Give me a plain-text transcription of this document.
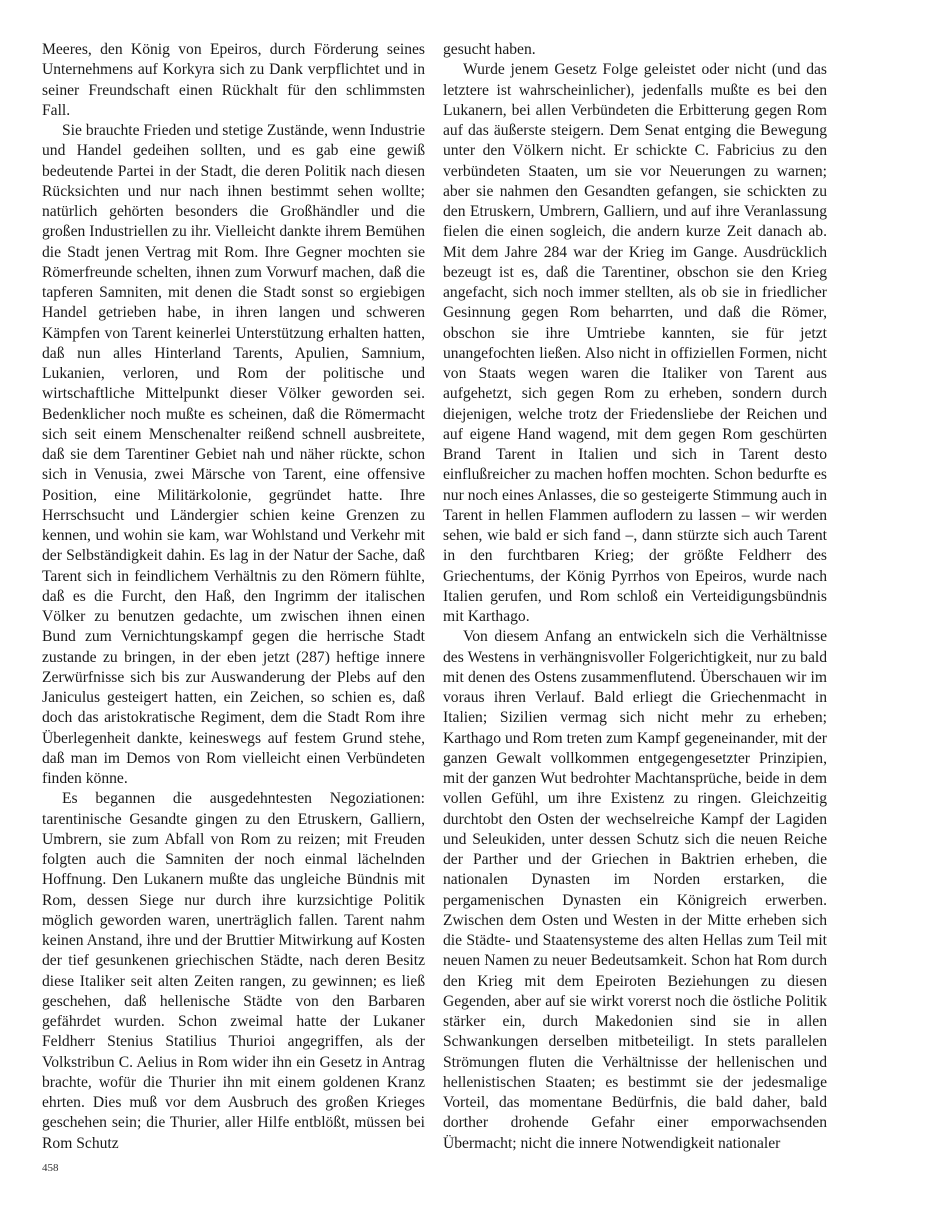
Meeres, den König von Epeiros, durch Förderung seines Unternehmens auf Korkyra sich zu Dank verpflichtet und in seiner Freundschaft einen Rückhalt für den schlimmsten Fall.

Sie brauchte Frieden und stetige Zustände, wenn Industrie und Handel gedeihen sollten, und es gab eine gewiß bedeutende Partei in der Stadt, die deren Politik nach diesen Rücksichten und nur nach ihnen bestimmt sehen wollte; natürlich gehörten besonders die Großhändler und die großen Industriellen zu ihr. Vielleicht dankte ihrem Bemühen die Stadt jenen Vertrag mit Rom. Ihre Gegner mochten sie Römerfreunde schelten, ihnen zum Vorwurf machen, daß die tapferen Samniten, mit denen die Stadt sonst so ergiebigen Handel getrieben habe, in ihren langen und schweren Kämpfen von Tarent keinerlei Unterstützung erhalten hatten, daß nun alles Hinterland Tarents, Apulien, Samnium, Lukanien, verloren, und Rom der politische und wirtschaftliche Mittelpunkt dieser Völker geworden sei. Bedenklicher noch mußte es scheinen, daß die Römermacht sich seit einem Menschenalter reißend schnell ausbreitete, daß sie dem Tarentiner Gebiet nah und näher rückte, schon sich in Venusia, zwei Märsche von Tarent, eine offensive Position, eine Militärkolonie, gegründet hatte. Ihre Herrschsucht und Ländergier schien keine Grenzen zu kennen, und wohin sie kam, war Wohlstand und Verkehr mit der Selbständigkeit dahin. Es lag in der Natur der Sache, daß Tarent sich in feindlichem Verhältnis zu den Römern fühlte, daß es die Furcht, den Haß, den Ingrimm der italischen Völker zu benutzen gedachte, um zwischen ihnen einen Bund zum Vernichtungskampf gegen die herrische Stadt zustande zu bringen, in der eben jetzt (287) heftige innere Zerwürfnisse sich bis zur Auswanderung der Plebs auf den Janiculus gesteigert hatten, ein Zeichen, so schien es, daß doch das aristokratische Regiment, dem die Stadt Rom ihre Überlegenheit dankte, keineswegs auf festem Grund stehe, daß man im Demos von Rom vielleicht einen Verbündeten finden könne.

Es begannen die ausgedehntesten Negoziationen: tarentinische Gesandte gingen zu den Etruskern, Galliern, Umbrern, sie zum Abfall von Rom zu reizen; mit Freuden folgten auch die Samniten der noch einmal lächelnden Hoffnung. Den Lukanern mußte das ungleiche Bündnis mit Rom, dessen Siege nur durch ihre kurzsichtige Politik möglich geworden waren, unerträglich fallen. Tarent nahm keinen Anstand, ihre und der Bruttier Mitwirkung auf Kosten der tief gesunkenen griechischen Städte, nach deren Besitz diese Italiker seit alten Zeiten rangen, zu gewinnen; es ließ geschehen, daß hellenische Städte von den Barbaren gefährdet wurden. Schon zweimal hatte der Lukaner Feldherr Stenius Statilius Thurioi angegriffen, als der Volkstribun C. Aelius in Rom wider ihn ein Gesetz in Antrag brachte, wofür die Thurier ihn mit einem goldenen Kranz ehrten. Dies muß vor dem Ausbruch des großen Krieges geschehen sein; die Thurier, aller Hilfe entblößt, müssen bei Rom Schutz

gesucht haben.

Wurde jenem Gesetz Folge geleistet oder nicht (und das letztere ist wahrscheinlicher), jedenfalls mußte es bei den Lukanern, bei allen Verbündeten die Erbitterung gegen Rom auf das äußerste steigern. Dem Senat entging die Bewegung unter den Völkern nicht. Er schickte C. Fabricius zu den verbündeten Staaten, um sie vor Neuerungen zu warnen; aber sie nahmen den Gesandten gefangen, sie schickten zu den Etruskern, Umbrern, Galliern, und auf ihre Veranlassung fielen die einen sogleich, die andern kurze Zeit danach ab. Mit dem Jahre 284 war der Krieg im Gange. Ausdrücklich bezeugt ist es, daß die Tarentiner, obschon sie den Krieg angefacht, sich noch immer stellten, als ob sie in friedlicher Gesinnung gegen Rom beharrten, und daß die Römer, obschon sie ihre Umtriebe kannten, sie für jetzt unangefochten ließen. Also nicht in offiziellen Formen, nicht von Staats wegen waren die Italiker von Tarent aus aufgehetzt, sich gegen Rom zu erheben, sondern durch diejenigen, welche trotz der Friedensliebe der Reichen und auf eigene Hand wagend, mit dem gegen Rom geschürten Brand Tarent in Italien und sich in Tarent desto einflußreicher zu machen hoffen mochten. Schon bedurfte es nur noch eines Anlasses, die so gesteigerte Stimmung auch in Tarent in hellen Flammen auflodern zu lassen – wir werden sehen, wie bald er sich fand –, dann stürzte sich auch Tarent in den furchtbaren Krieg; der größte Feldherr des Griechentums, der König Pyrrhos von Epeiros, wurde nach Italien gerufen, und Rom schloß ein Verteidigungsbündnis mit Karthago.

Von diesem Anfang an entwickeln sich die Verhältnisse des Westens in verhängnisvoller Folgerichtigkeit, nur zu bald mit denen des Ostens zusammenflutend. Überschauen wir im voraus ihren Verlauf. Bald erliegt die Griechenmacht in Italien; Sizilien vermag sich nicht mehr zu erheben; Karthago und Rom treten zum Kampf gegeneinander, mit der ganzen Gewalt vollkommen entgegengesetzter Prinzipien, mit der ganzen Wut bedrohter Machtansprüche, beide in dem vollen Gefühl, um ihre Existenz zu ringen. Gleichzeitig durchtobt den Osten der wechselreiche Kampf der Lagiden und Seleukiden, unter dessen Schutz sich die neuen Reiche der Parther und der Griechen in Baktrien erheben, die nationalen Dynasten im Norden erstarken, die pergamenischen Dynasten ein Königreich erwerben. Zwischen dem Osten und Westen in der Mitte erheben sich die Städte- und Staatensysteme des alten Hellas zum Teil mit neuen Namen zu neuer Bedeutsamkeit. Schon hat Rom durch den Krieg mit dem Epeiroten Beziehungen zu diesen Gegenden, aber auf sie wirkt vorerst noch die östliche Politik stärker ein, durch Makedonien sind sie in allen Schwankungen derselben mitbeteiligt. In stets parallelen Strömungen fluten die Verhältnisse der hellenischen und hellenistischen Staaten; es bestimmt sie der jedesmalige Vorteil, das momentane Bedürfnis, die bald daher, bald dorther drohende Gefahr einer emporwachsenden Übermacht; nicht die innere Notwendigkeit nationaler

458
